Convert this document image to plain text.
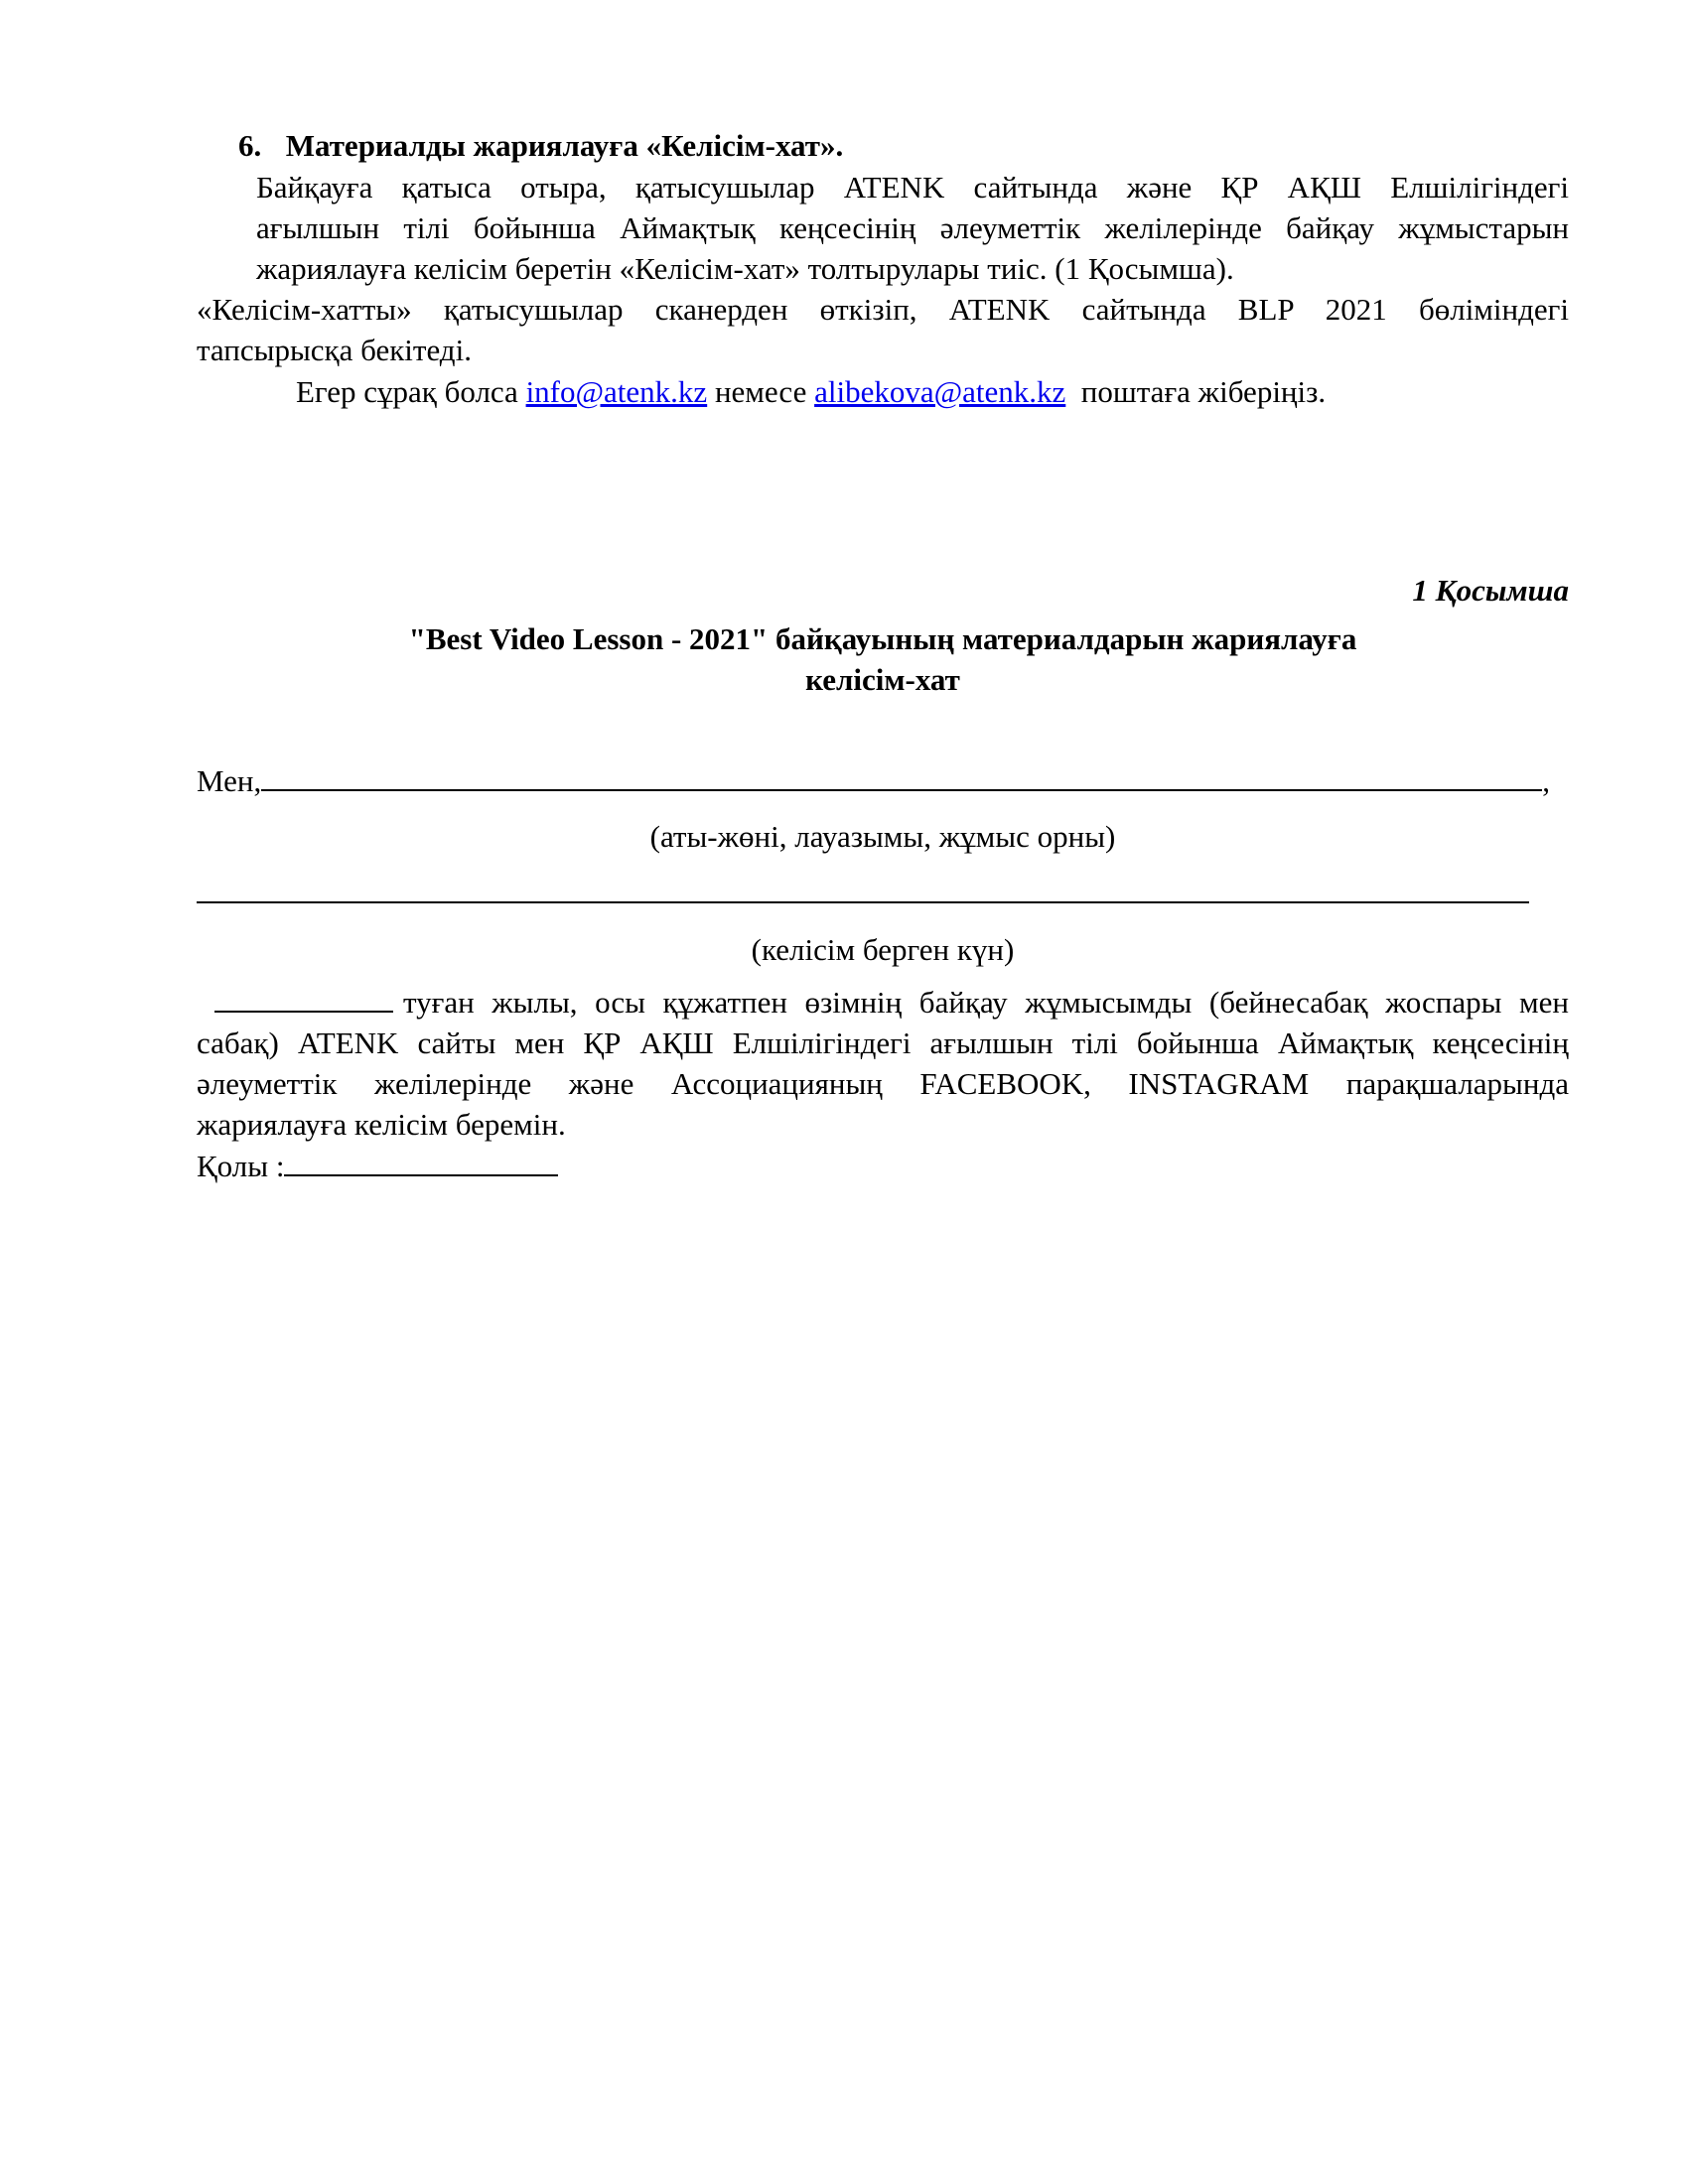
6. Материалды жариялауға «Келісім-хат».
Байқауға қатыса отыра, қатысушылар ATENK сайтында және ҚР АҚШ Елшілігіндегі
ағылшын тілі бойынша Аймақтық кеңсесінің әлеуметтік желілерінде байқау жұмыстарын
жариялауға келісім беретін «Келісім-хат» толтырулары тиіс. (1 Қосымша).
«Келісім-хатты» қатысушылар сканерден өткізіп, ATENK сайтында BLP 2021 бөліміндегі
тапсырысқа бекітеді.
Егер сұрақ болса info@atenk.kz немесе alibekova@atenk.kz  поштаға жіберіңіз.
1 Қосымша
"Best Video Lesson - 2021" байқауының материалдарын жариялауға
келісім-хат
Мен,	,
(аты-жөні, лауазымы, жұмыс орны)
(келісім берген күн)
туған жылы, осы құжатпен өзімнің байқау жұмысымды (бейнесабақ жоспары мен
сабақ) ATENK сайты мен ҚР АҚШ Елшілігіндегі ағылшын тілі бойынша Аймақтық кеңсесінің
әлеуметтік желілерінде және Ассоциацияның FACEBOOK, INSTAGRAM парақшаларында
жариялауға келісім беремін.
Қолы :
